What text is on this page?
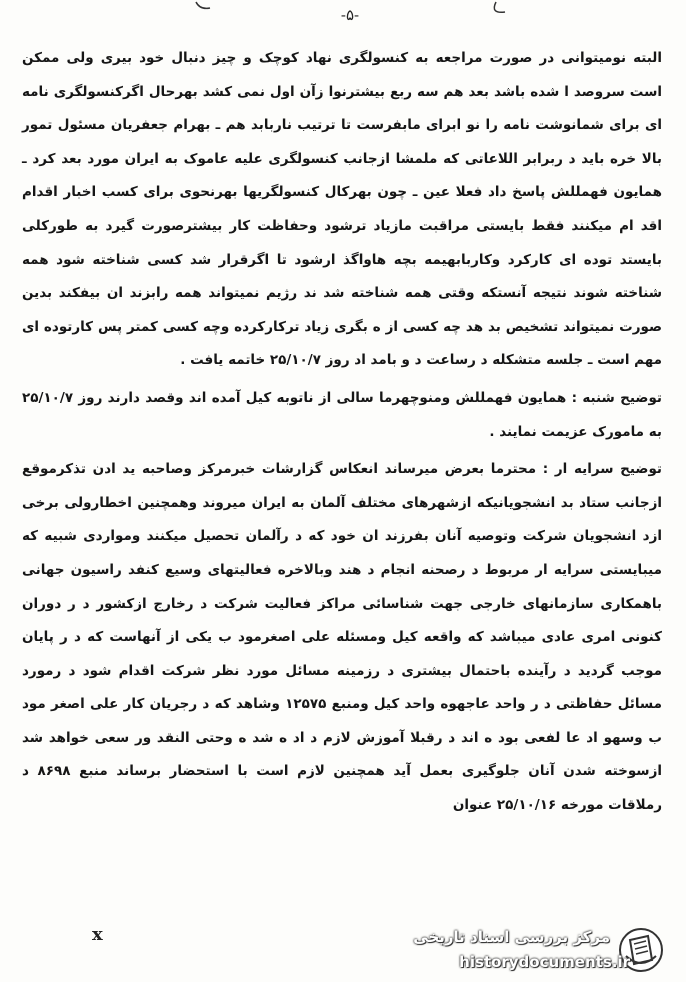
-۵-

البته نومیتوانی در صورت مراجعه به کنسولگری نهاد کوچک و چیز دنبال خود بیری ولی ممکن است سروصد ا شده باشد بعد هم سه ربع بیشترنوا زآن اول نمی کشد بهرحال اگرکنسولگری نامه ای برای شمانوشت نامه را نو ابرای مابفرست تا ترتیب ناربابد هم ـ بهرام جعفریان مسئول تمور بالا خره باید د ربرابر اللاعاتی که ملمشا ازجانب کنسولگری علیه عاموک به ایران مورد بعد کرد ـ همایون فهمللش پاسخ داد فعلا عین ـ چون بهرکال کنسولگریها بهرنحوی برای کسب اخبار اقدام اقد ام میکنند فقط بایستی مراقبت مازیاد ترشود وحفاظت کار بیشترصورت گیرد به طورکلی بایستد توده ای کارکرد وکاربابهیمه بچه هاواگذ ارشود تا اگرقرار شد کسی شناخته شود همه شناخته شوند نتیجه آنستکه وقتی همه شناخته شد ند رژیم نمیتواند همه رابزند ان بیفکند بدین صورت نمیتواند تشخیص بد هد چه کسی از ه بگری زیاد ترکارکرده وچه کسی کمتر پس کارتوده ای مهم است ـ جلسه متشکله د رساعت د و بامد اد روز ۲۵/۱۰/۷ خاتمه یافت .

توضیح شنبه : همایون فهمللش ومنوچهرما سالی از ناتوبه کیل آمده اند وقصد دارند روز ۲۵/۱۰/۷ به مامورک عزیمت نمایند .

توضیح سرایه ار : محترما بعرض میرساند انعکاس گزارشات خبرمرکز وصاحبه ید ادن تذکرموقع ازجانب ستاد بد انشجویانیکه ازشهرهای مختلف آلمان به ایران میروند وهمچنین اخطارولی برخی ازد انشجویان شرکت وتوصیه آنان بفرزند ان خود که د رآلمان تحصیل میکنند ومواردی شبیه که میبایستی سرایه ار مربوط د رصحنه انجام د هند وبالاخره فعالیتهای وسیع کنفد راسیون جهانی باهمکاری سازمانهای خارجی جهت شناسائی مراکز فعالیت شرکت د رخارج ازکشور د ر دوران کنونی امری عادی میباشد که واقعه کیل ومسئله علی اصغرمود ب یکی از آنهاست که د ر پایان موجب گردید د رآینده باحتمال بیشتری د رزمینه مسائل مورد نظر شرکت اقدام شود د رمورد مسائل حفاظتی د ر واحد عاجهوه واحد کیل ومنبع ۱۲۵۷۵ وشاهد که د رجریان کار علی اصغر مود ب وسهو اد عا لفعی بود ه اند د رقبلا آموزش لازم د اد ه شد ه وحتی النقد ور سعی خواهد شد ازسوخته شدن آنان جلوگیری بعمل آید همچنین لازم است با استحضار برساند منبع ۸۶۹۸ د رملاقات مورخه ۲۵/۱۰/۱۶ عنوان

x	مرکز بررسی اسناد تاریخی
historydocuments.ir
